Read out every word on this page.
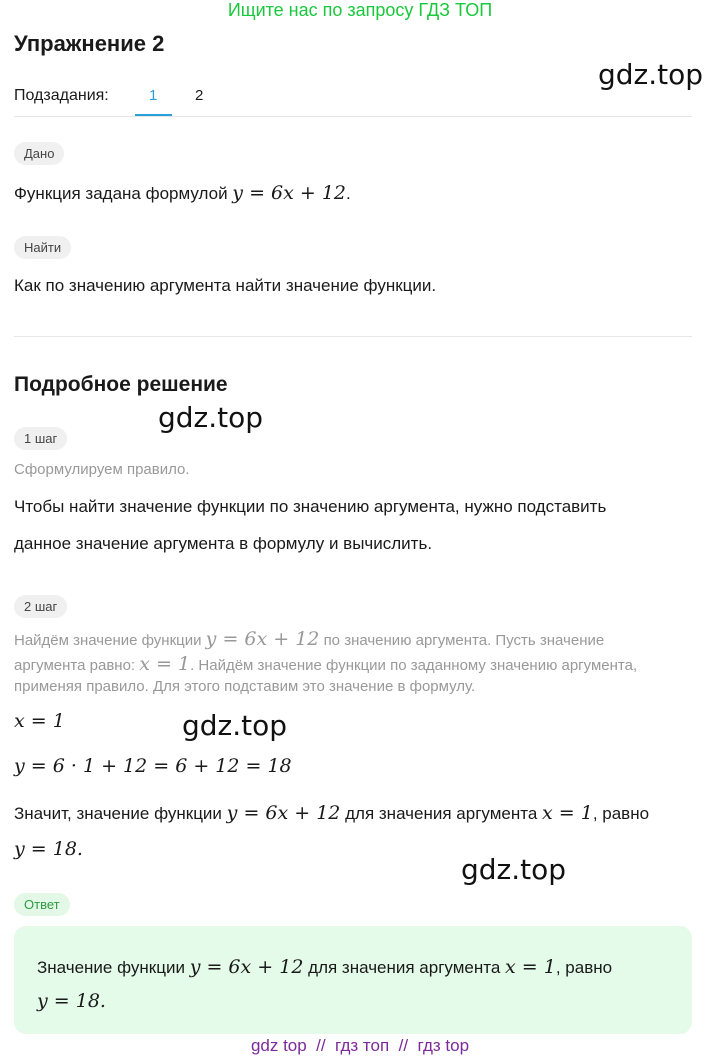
Ищите нас по запросу ГДЗ ТОП
Упражнение 2
gdz.top
Подзадания:	1	2
Дано
Функция задана формулой y = 6x + 12.
Найти
Как по значению аргумента найти значение функции.
Подробное решение
gdz.top
1 шаг
Сформулируем правило.
Чтобы найти значение функции по значению аргумента, нужно подставить
данное значение аргумента в формулу и вычислить.
2 шаг
Найдём значение функции y = 6x + 12 по значению аргумента. Пусть значение
аргумента равно: x = 1. Найдём значение функции по заданному значению аргумента,
применяя правило. Для этого подставим это значение в формулу.
x = 1	gdz.top
y = 6 · 1 + 12 = 6 + 12 = 18
Значит, значение функции y = 6x + 12 для значения аргумента x = 1, равно
y = 18.
gdz.top
Ответ
Значение функции y = 6x + 12 для значения аргумента x = 1, равно
y = 18.
gdz top  //  гдз топ  //  гдз top
